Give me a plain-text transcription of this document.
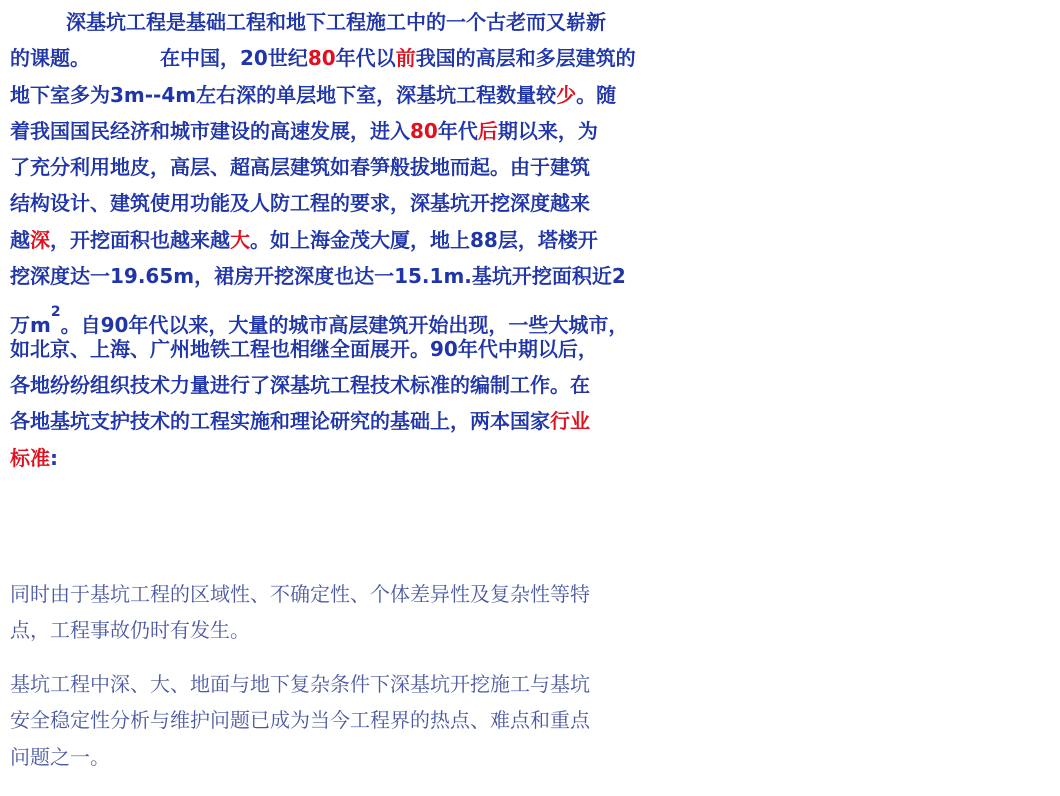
深基坑工程是基础工程和地下工程施工中的一个古老而又崭新
的课题。	在中国，20世纪80年代以前我国的高层和多层建筑的
地下室多为3m--4m左右深的单层地下室，深基坑工程数量较少。随
着我国国民经济和城市建设的高速发展，进入80年代后期以来，为
了充分利用地皮，高层、超高层建筑如春笋般拔地而起。由于建筑
结构设计、建筑使用功能及人防工程的要求，深基坑开挖深度越来
越深，开挖面积也越来越大。如上海金茂大厦，地上88层，塔楼开
挖深度达一19.65m，裙房开挖深度也达一15.1m.基坑开挖面积近2
万$m^2$。自90年代以来，大量的城市高层建筑开始出现，一些大城市，
如北京、上海、广州地铁工程也相继全面展开。90年代中期以后，
各地纷纷组织技术力量进行了深基坑工程技术标准的编制工作。在
各地基坑支护技术的工程实施和理论研究的基础上，两本国家行业
标准:
同时由于基坑工程的区域性、不确定性、个体差异性及复杂性等特
点，工程事故仍时有发生。
基坑工程中深、大、地面与地下复杂条件下深基坑开挖施工与基坑
安全稳定性分析与维护问题已成为当今工程界的热点、难点和重点
问题之一。
